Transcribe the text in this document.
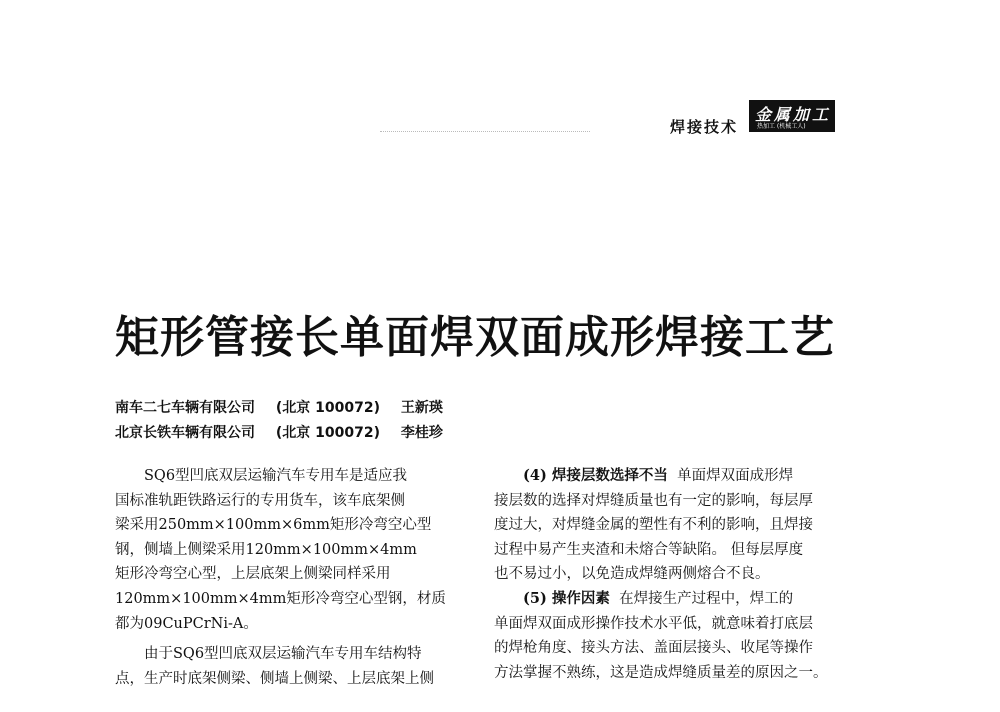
焊接技术
金属加工
热加工 (机械工人)
矩形管接长单面焊双面成形焊接工艺
南车二七车辆有限公司 (北京 100072) 王新瑛
北京长铁车辆有限公司 (北京 100072) 李桂珍

SQ6型凹底双层运输汽车专用车是适应我
国标准轨距铁路运行的专用货车，该车底架侧
梁采用250mm×100mm×6mm矩形冷弯空心型
钢，侧墙上侧梁采用120mm×100mm×4mm
矩形冷弯空心型，上层底架上侧梁同样采用
120mm×100mm×4mm矩形冷弯空心型钢，材质
都为09CuPCrNi-A。

由于SQ6型凹底双层运输汽车专用车结构特
点，生产时底架侧梁、侧墙上侧梁、上层底架上侧

(4) 焊接层数选择不当 单面焊双面成形焊
接层数的选择对焊缝质量也有一定的影响，每层厚
度过大，对焊缝金属的塑性有不利的影响，且焊接
过程中易产生夹渣和未熔合等缺陷。 但每层厚度
也不易过小，以免造成焊缝两侧熔合不良。

(5) 操作因素 在焊接生产过程中，焊工的
单面焊双面成形操作技术水平低，就意味着打底层
的焊枪角度、接头方法、盖面层接头、收尾等操作
方法掌握不熟练，这是造成焊缝质量差的原因之一。
